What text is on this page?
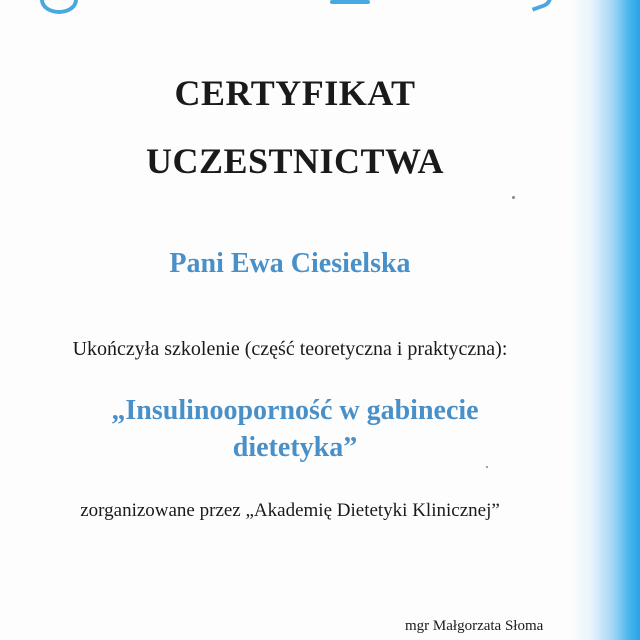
CERTYFIKAT
UCZESTNICTWA
Pani Ewa Ciesielska
Ukończyła szkolenie (część teoretyczna i praktyczna):
„Insulinooporność w gabinecie
dietetyka”
zorganizowane przez „Akademię Dietetyki Klinicznej”
mgr Małgorzata Słoma
